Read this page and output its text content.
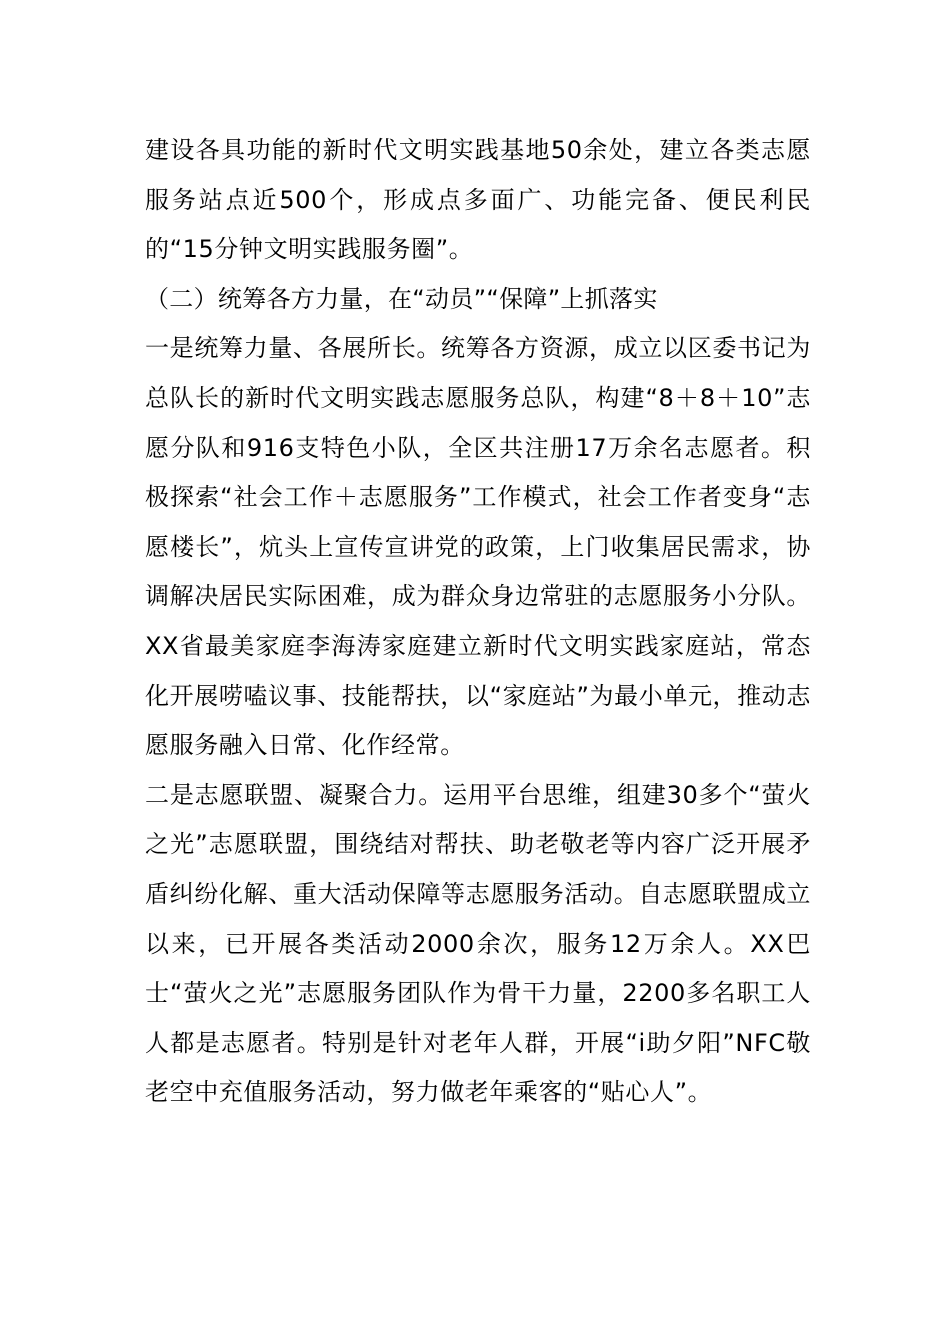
建设各具功能的新时代文明实践基地50余处，建立各类志愿服务站点近500个，形成点多面广、功能完备、便民利民的“15分钟文明实践服务圈”。

（二）统筹各方力量，在“动员”“保障”上抓落实

一是统筹力量、各展所长。统筹各方资源，成立以区委书记为总队长的新时代文明实践志愿服务总队，构建“8＋8＋10”志愿分队和916支特色小队，全区共注册17万余名志愿者。积极探索“社会工作＋志愿服务”工作模式，社会工作者变身“志愿楼长”，炕头上宣传宣讲党的政策，上门收集居民需求，协调解决居民实际困难，成为群众身边常驻的志愿服务小分队。XX省最美家庭李海涛家庭建立新时代文明实践家庭站，常态化开展唠嗑议事、技能帮扶，以“家庭站”为最小单元，推动志愿服务融入日常、化作经常。

二是志愿联盟、凝聚合力。运用平台思维，组建30多个“萤火之光”志愿联盟，围绕结对帮扶、助老敬老等内容广泛开展矛盾纠纷化解、重大活动保障等志愿服务活动。自志愿联盟成立以来，已开展各类活动2000余次，服务12万余人。XX巴士“萤火之光”志愿服务团队作为骨干力量，2200多名职工人人都是志愿者。特别是针对老年人群，开展“i助夕阳”NFC敬老空中充值服务活动，努力做老年乘客的“贴心人”。
